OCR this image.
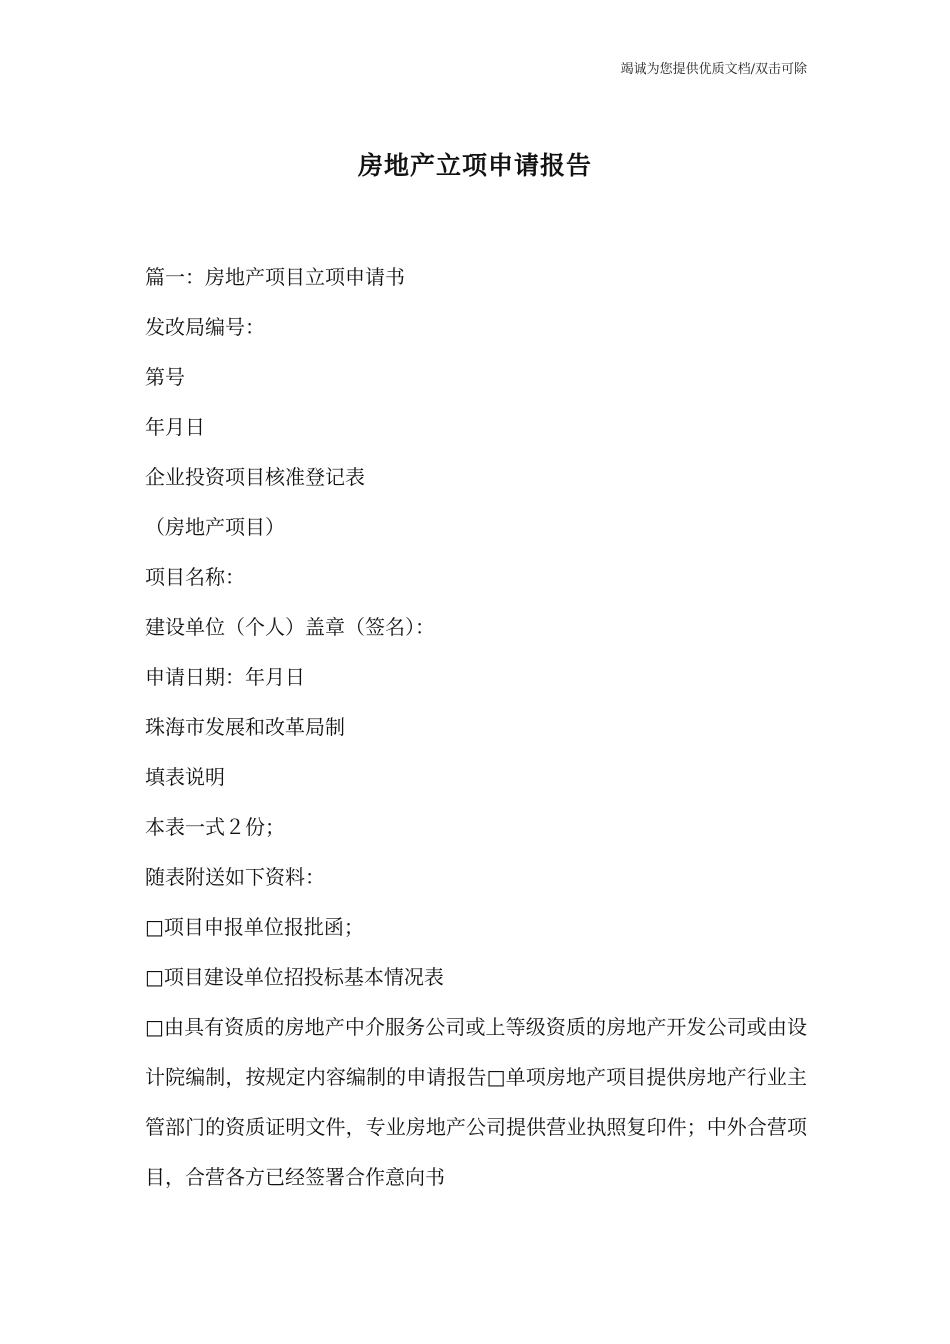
竭诚为您提供优质文档/双击可除
房地产立项申请报告

篇一：房地产项目立项申请书

发改局编号：

第号

年月日

企业投资项目核准登记表

（房地产项目）

项目名称：

建设单位（个人）盖章（签名）：

申请日期：年月日

珠海市发展和改革局制

填表说明

本表一式２份；

随表附送如下资料：

□项目申报单位报批函；

□项目建设单位招投标基本情况表

□由具有资质的房地产中介服务公司或上等级资质的房地产开发公司或由设计院编制，按规定内容编制的申请报告□单项房地产项目提供房地产行业主管部门的资质证明文件，专业房地产公司提供营业执照复印件；中外合营项目，合营各方已经签署合作意向书
